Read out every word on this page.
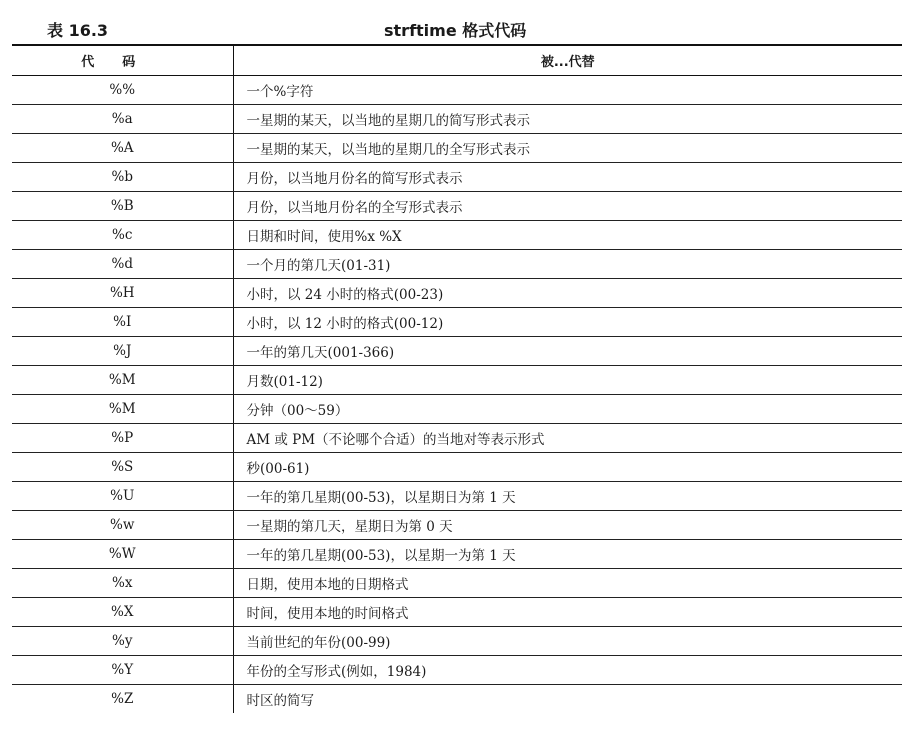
表 16.3	strftime 格式代码
代码	被...代替
%%	一个%字符
%a	一星期的某天，以当地的星期几的简写形式表示
%A	一星期的某天，以当地的星期几的全写形式表示
%b	月份，以当地月份名的简写形式表示
%B	月份，以当地月份名的全写形式表示
%c	日期和时间，使用%x %X
%d	一个月的第几天(01-31)
%H	小时，以 24 小时的格式(00-23)
%I	小时，以 12 小时的格式(00-12)
%J	一年的第几天(001-366)
%M	月数(01-12)
%M	分钟（00～59）
%P	AM 或 PM（不论哪个合适）的当地对等表示形式
%S	秒(00-61)
%U	一年的第几星期(00-53)，以星期日为第 1 天
%w	一星期的第几天，星期日为第 0 天
%W	一年的第几星期(00-53)，以星期一为第 1 天
%x	日期，使用本地的日期格式
%X	时间，使用本地的时间格式
%y	当前世纪的年份(00-99)
%Y	年份的全写形式(例如，1984)
%Z	时区的简写
